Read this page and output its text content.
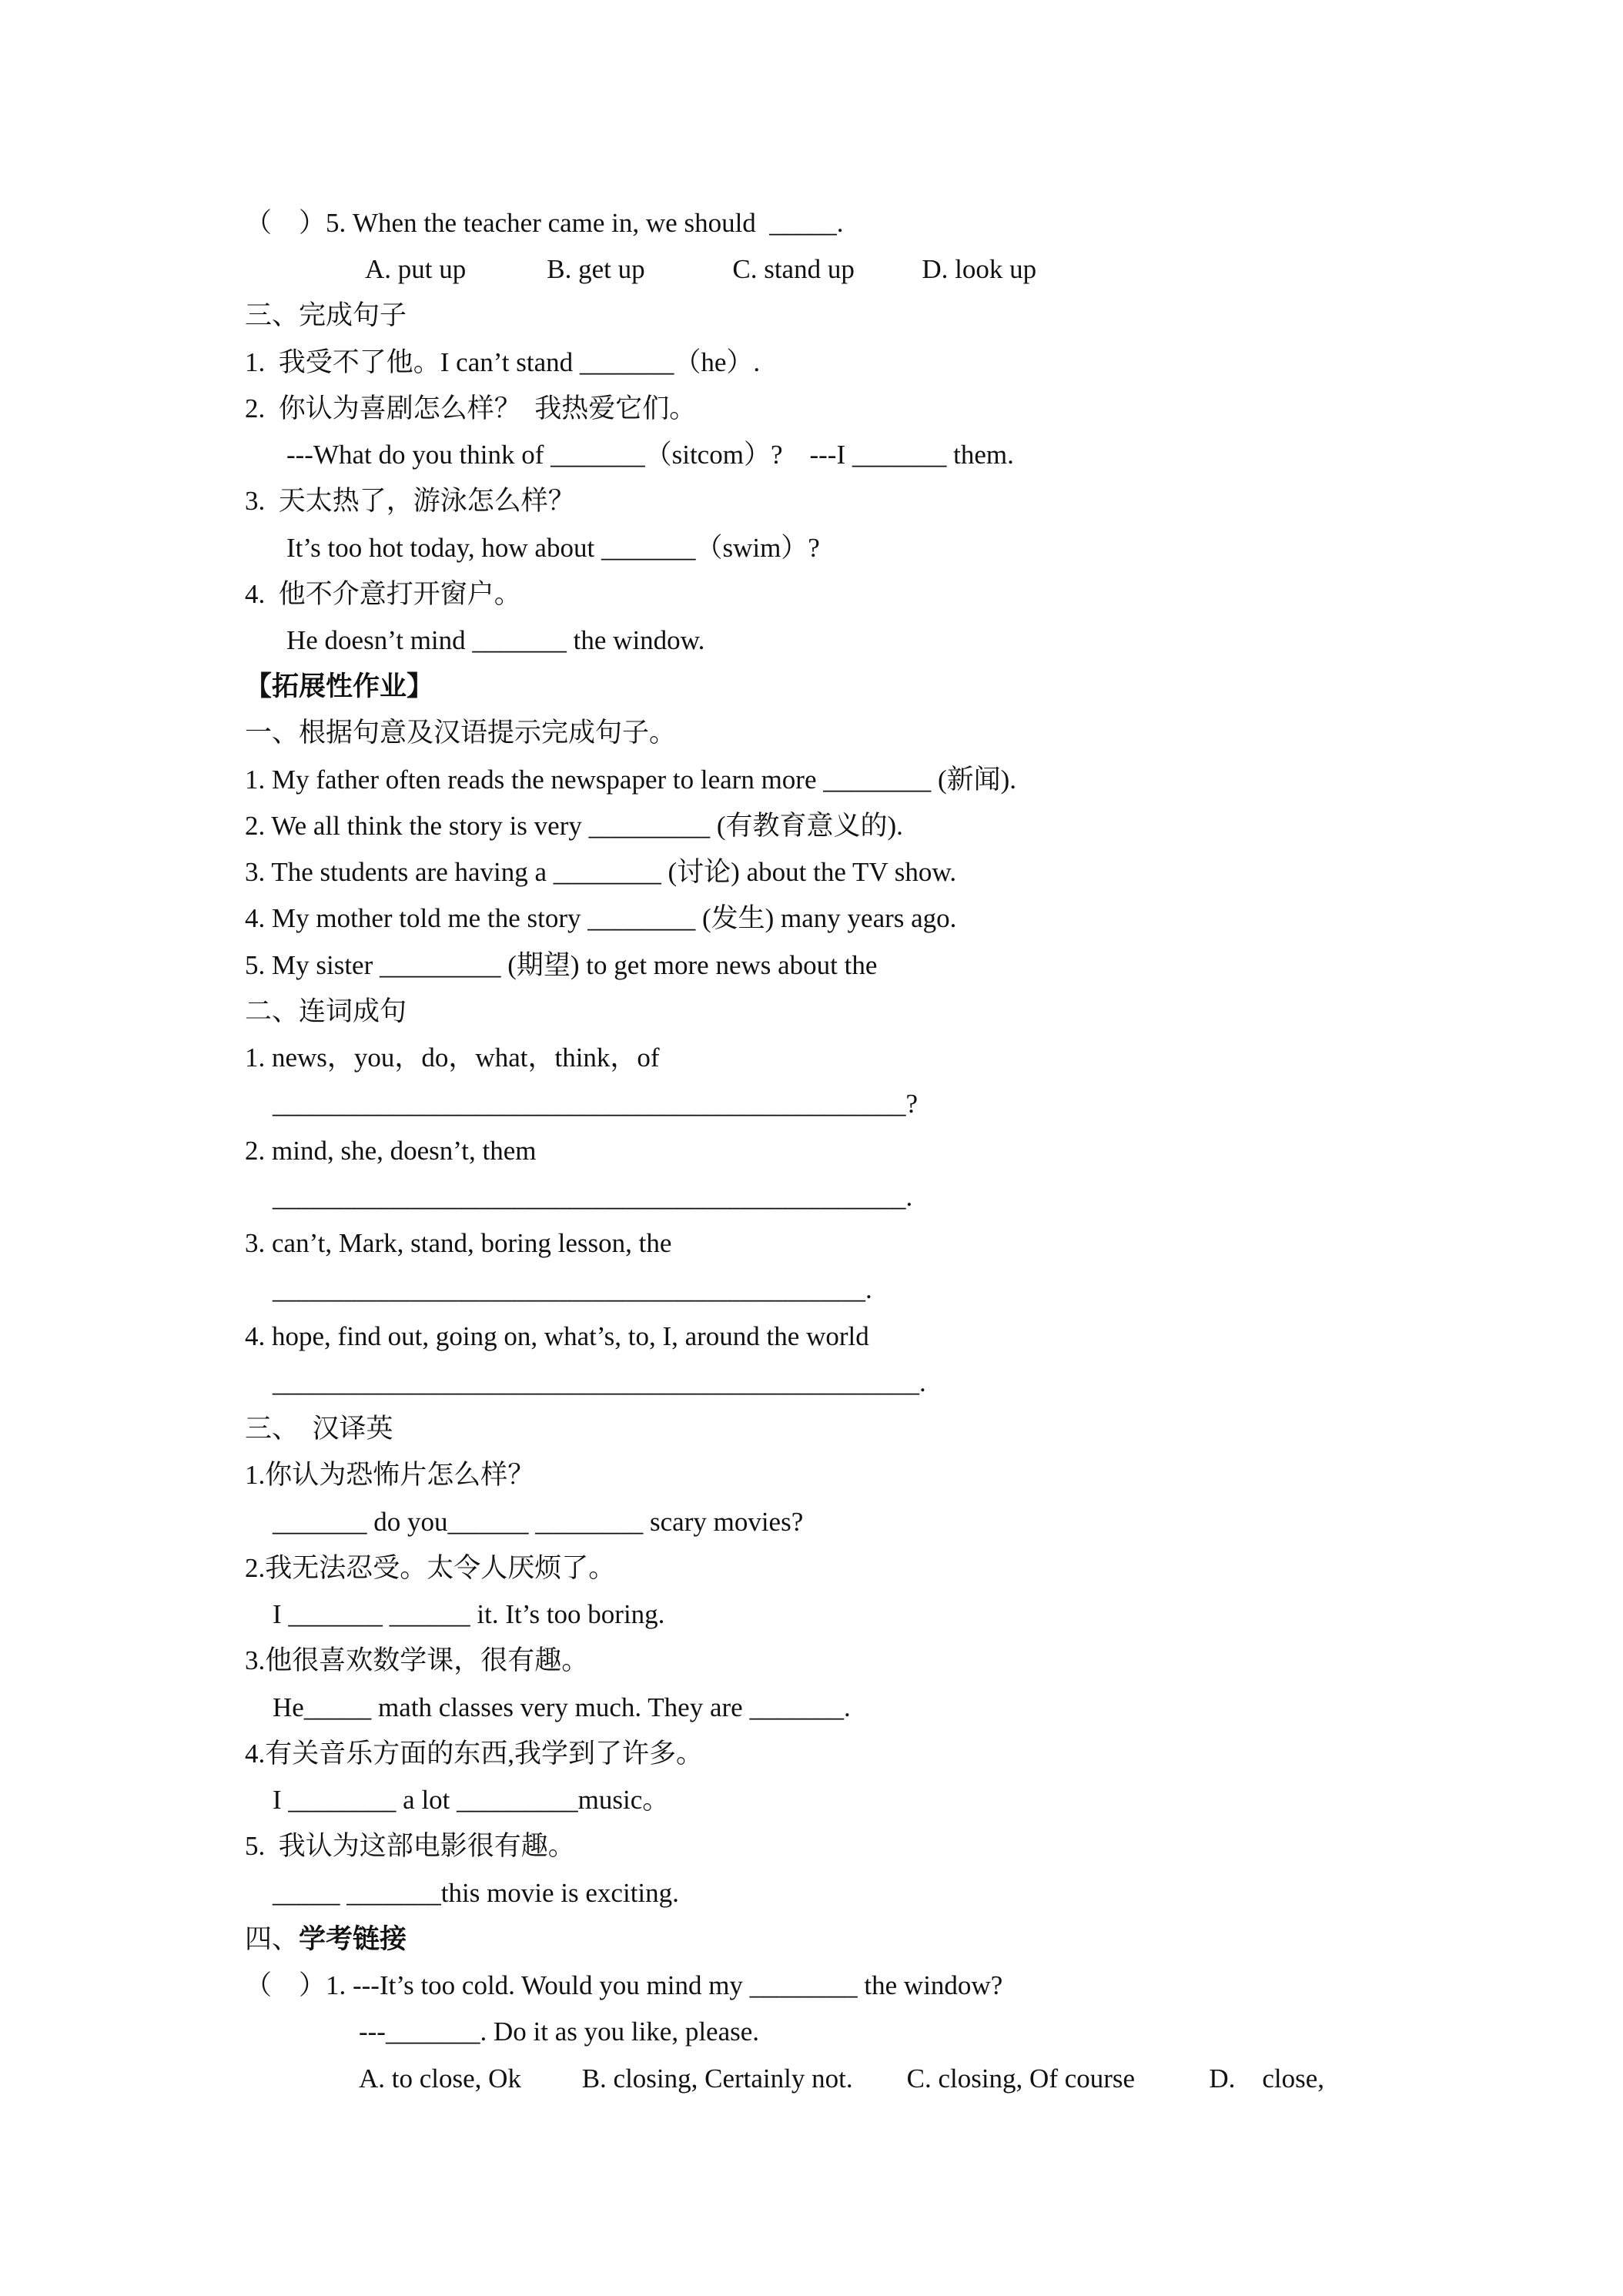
（    ）5. When the teacher came in, we should  _____.
A. put up            B. get up             C. stand up          D. look up
三、完成句子
1.  我受不了他。I can’t stand _______（he）.
2.  你认为喜剧怎么样？  我热爱它们。
---What do you think of _______（sitcom）?    ---I _______ them.
3.  天太热了，游泳怎么样？
It’s too hot today, how about _______（swim）?
4.  他不介意打开窗户。
He doesn’t mind _______ the window.
【拓展性作业】
一、根据句意及汉语提示完成句子。
1. My father often reads the newspaper to learn more ________ (新闻).
2. We all think the story is very _________ (有教育意义的).
3. The students are having a ________ (讨论) about the TV show.
4. My mother told me the story ________ (发生) many years ago.
5. My sister _________ (期望) to get more news about the
二、连词成句
1. news，you，do，what，think，of
_______________________________________________?
2. mind, she, doesn’t, them
_______________________________________________.
3. can’t, Mark, stand, boring lesson, the
____________________________________________.
4. hope, find out, going on, what’s, to, I, around the world
________________________________________________.
三、  汉译英
1.你认为恐怖片怎么样？
_______ do you______ ________ scary movies?
2.我无法忍受。太令人厌烦了。
I _______ ______ it. It’s too boring.
3.他很喜欢数学课，很有趣。
He_____ math classes very much. They are _______.
4.有关音乐方面的东西,我学到了许多。
I ________ a lot _________music。
5.  我认为这部电影很有趣。
_____ _______this movie is exciting.
四、学考链接
（    ）1. ---It’s too cold. Would you mind my ________ the window?
---_______. Do it as you like, please.
A. to close, Ok         B. closing, Certainly not.        C. closing, Of course           D.    close,
